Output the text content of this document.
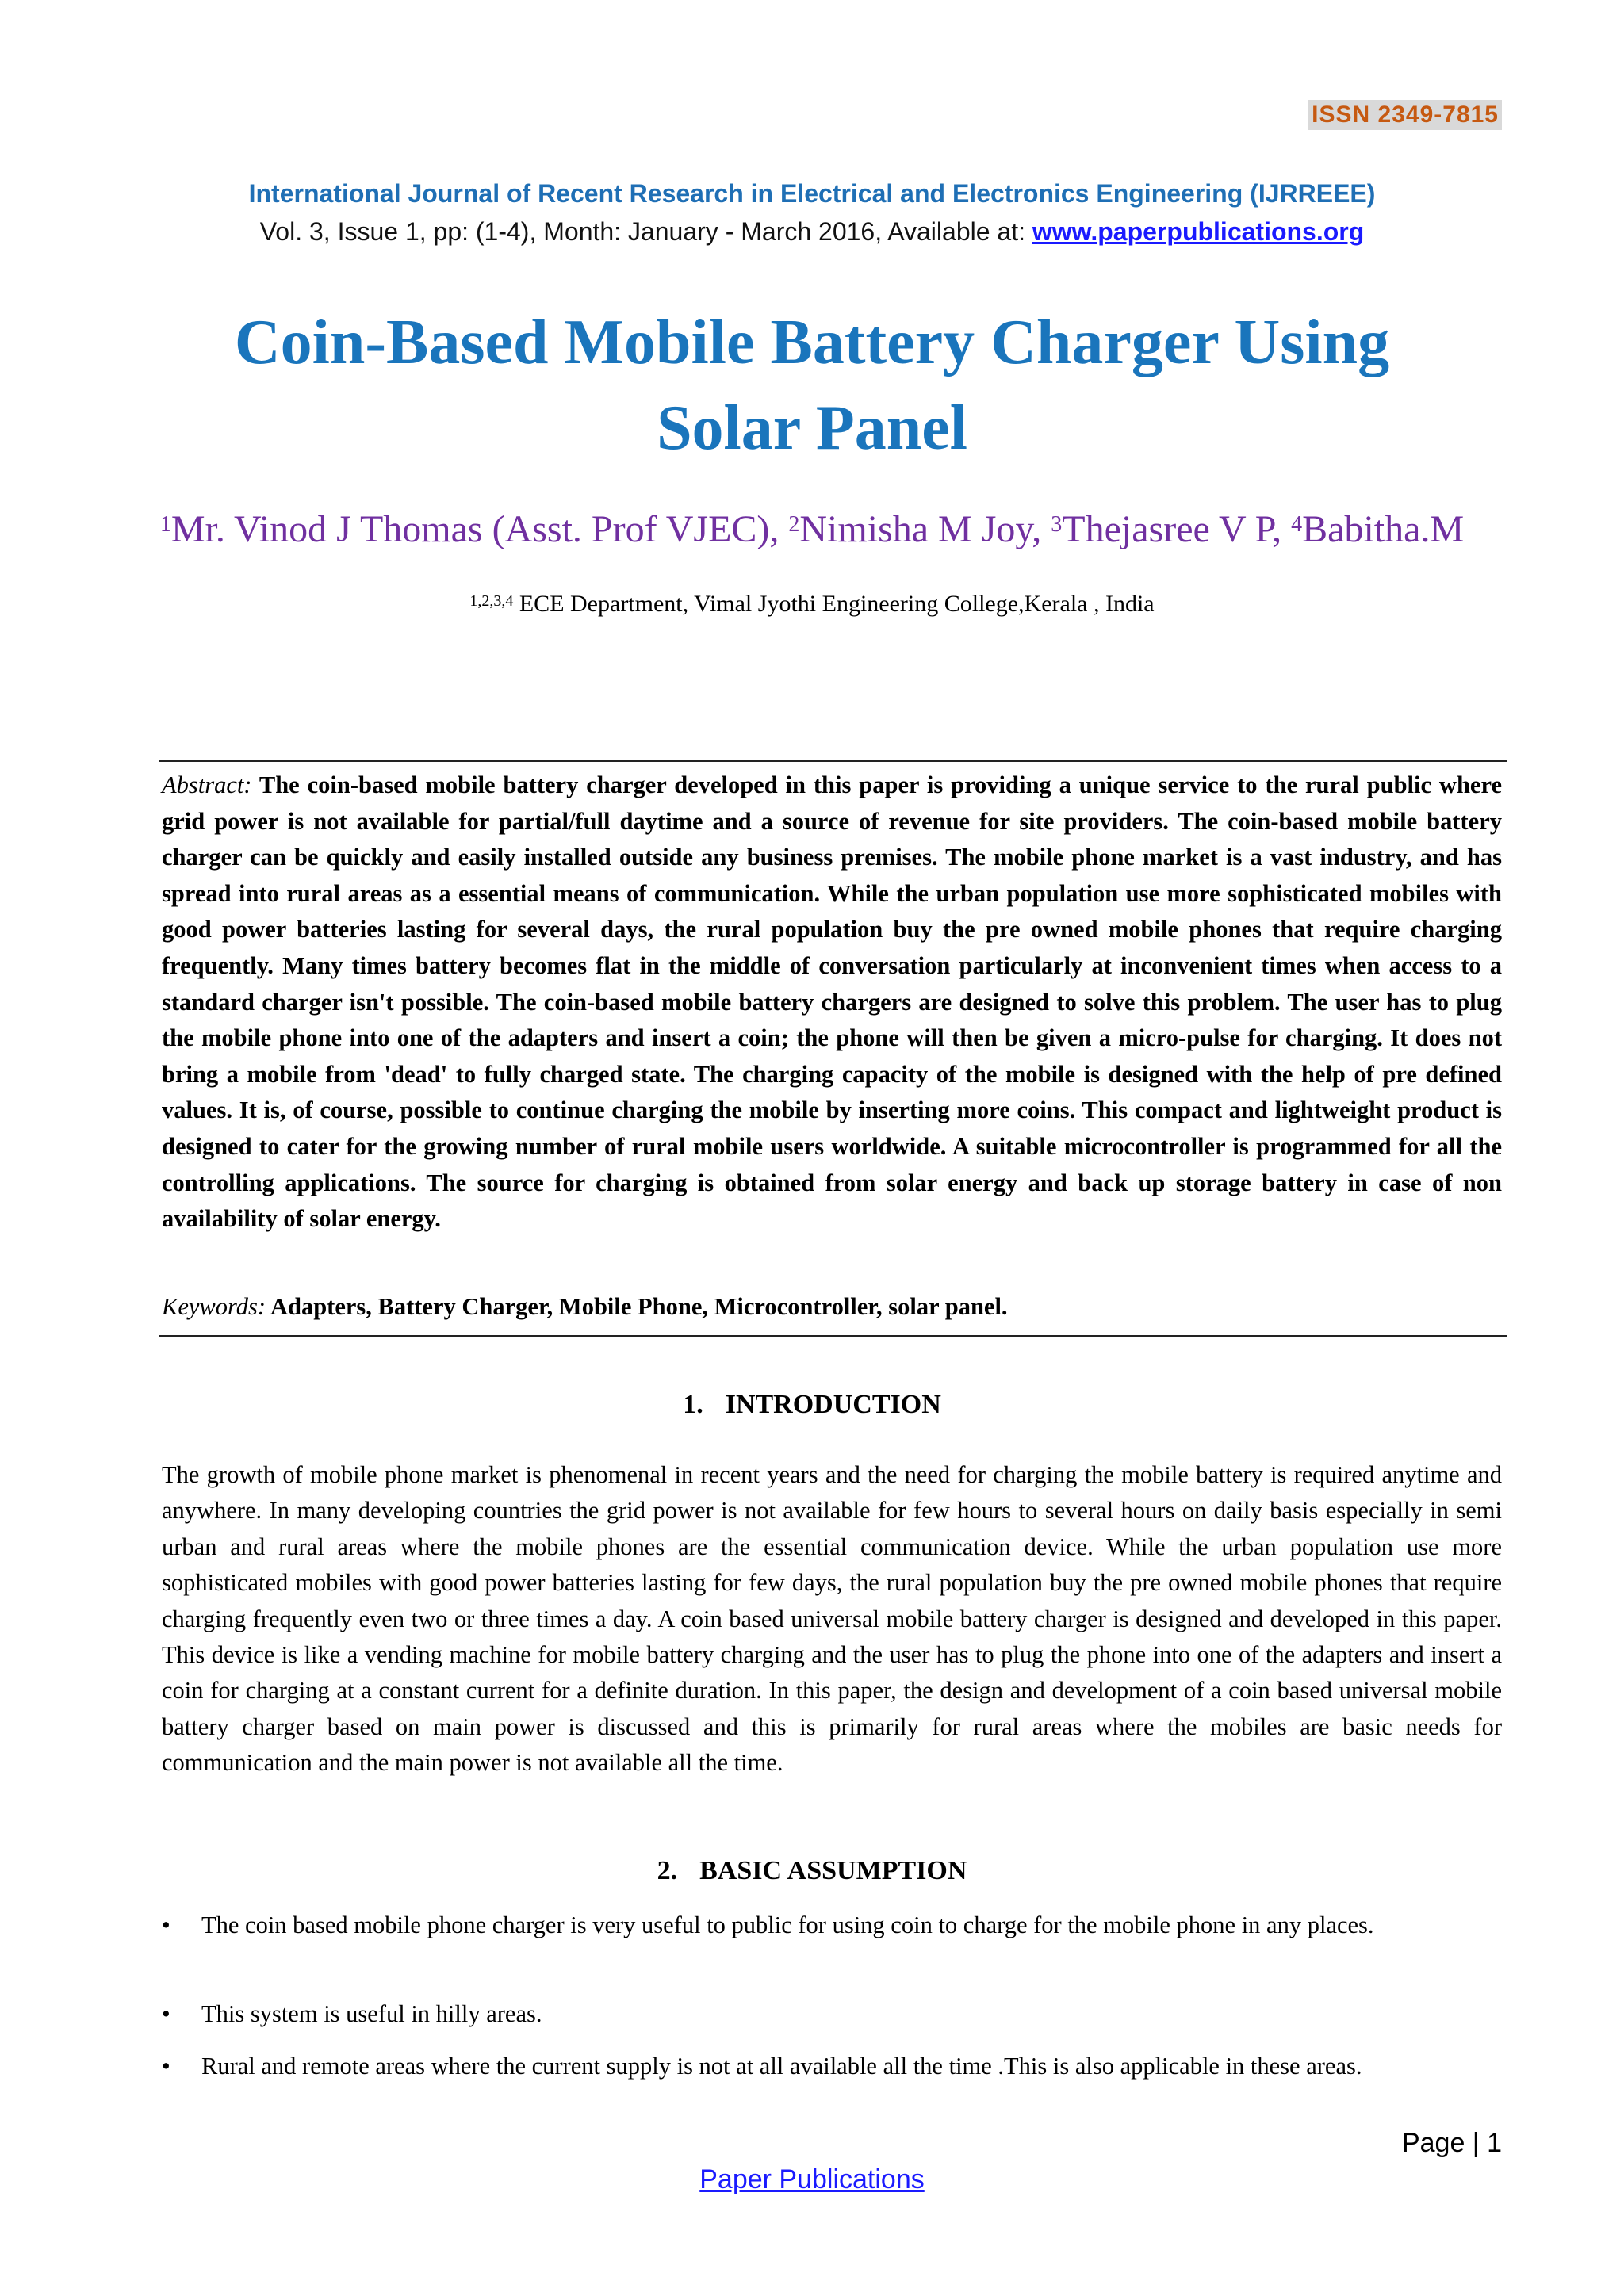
ISSN 2349-7815
International Journal of Recent Research in Electrical and Electronics Engineering (IJRREEE)
Vol. 3, Issue 1, pp: (1-4), Month: January - March 2016, Available at: www.paperpublications.org
Coin-Based Mobile Battery Charger Using
Solar Panel
$^1$Mr. Vinod J Thomas (Asst. Prof VJEC), $^2$Nimisha M Joy, $^3$Thejasree V P, $^4$Babitha.M
$^{1,2,3,4}$ ECE Department, Vimal Jyothi Engineering College,Kerala , India
Abstract: The coin-based mobile battery charger developed in this paper is providing a unique service to the rural public where grid power is not available for partial/full daytime and a source of revenue for site providers. The coin-based mobile battery charger can be quickly and easily installed outside any business premises. The mobile phone market is a vast industry, and has spread into rural areas as a essential means of communication. While the urban population use more sophisticated mobiles with good power batteries lasting for several days, the rural population buy the pre owned mobile phones that require charging frequently. Many times battery becomes flat in the middle of conversation particularly at inconvenient times when access to a standard charger isn't possible. The coin-based mobile battery chargers are designed to solve this problem. The user has to plug the mobile phone into one of the adapters and insert a coin; the phone will then be given a micro-pulse for charging. It does not bring a mobile from 'dead' to fully charged state. The charging capacity of the mobile is designed with the help of pre defined values. It is, of course, possible to continue charging the mobile by inserting more coins. This compact and lightweight product is designed to cater for the growing number of rural mobile users worldwide. A suitable microcontroller is programmed for all the controlling applications. The source for charging is obtained from solar energy and back up storage battery in case of non availability of solar energy.
Keywords: Adapters, Battery Charger, Mobile Phone, Microcontroller, solar panel.
1. INTRODUCTION
The growth of mobile phone market is phenomenal in recent years and the need for charging the mobile battery is required anytime and anywhere. In many developing countries the grid power is not available for few hours to several hours on daily basis especially in semi urban and rural areas where the mobile phones are the essential communication device. While the urban population use more sophisticated mobiles with good power batteries lasting for few days, the rural population buy the pre owned mobile phones that require charging frequently even two or three times a day. A coin based universal mobile battery charger is designed and developed in this paper. This device is like a vending machine for mobile battery charging and the user has to plug the phone into one of the adapters and insert a coin for charging at a constant current for a definite duration. In this paper, the design and development of a coin based universal mobile battery charger based on main power is discussed and this is primarily for rural areas where the mobiles are basic needs for communication and the main power is not available all the time.
2. BASIC ASSUMPTION
• The coin based mobile phone charger is very useful to public for using coin to charge for the mobile phone in any places.
• This system is useful in hilly areas.
• Rural and remote areas where the current supply is not at all available all the time .This is also applicable in these areas.
Page | 1
Paper Publications
